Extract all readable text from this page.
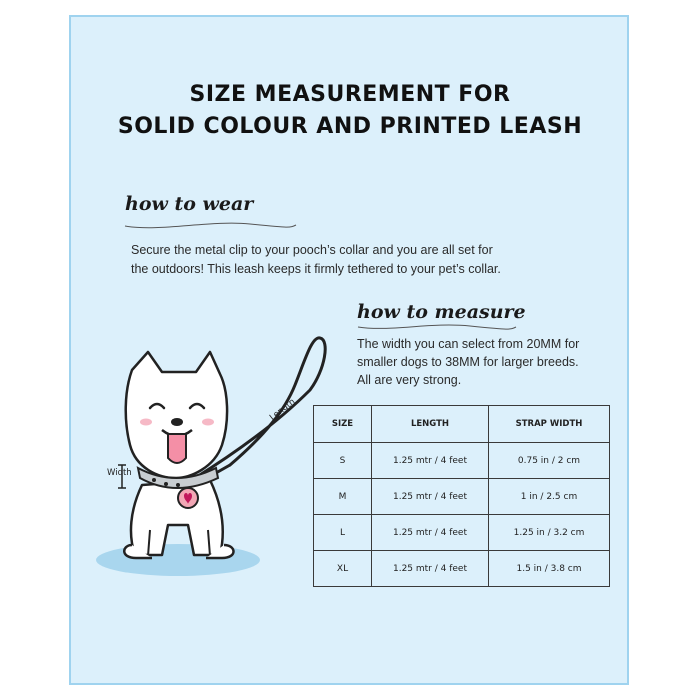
SIZE MEASUREMENT FOR
SOLID COLOUR AND PRINTED LEASH
how to wear
Secure the metal clip to your pooch’s collar and you are all set for
the outdoors! This leash keeps it firmly tethered to your pet’s collar.
how to measure
The width you can select from 20MM for
smaller dogs to 38MM for larger breeds.
All are very strong.
Width
Length
SIZE	LENGTH	STRAP WIDTH
S	1.25 mtr / 4 feet	0.75 in / 2 cm
M	1.25 mtr / 4 feet	1 in / 2.5 cm
L	1.25 mtr / 4 feet	1.25 in / 3.2 cm
XL	1.25 mtr / 4 feet	1.5 in / 3.8 cm
